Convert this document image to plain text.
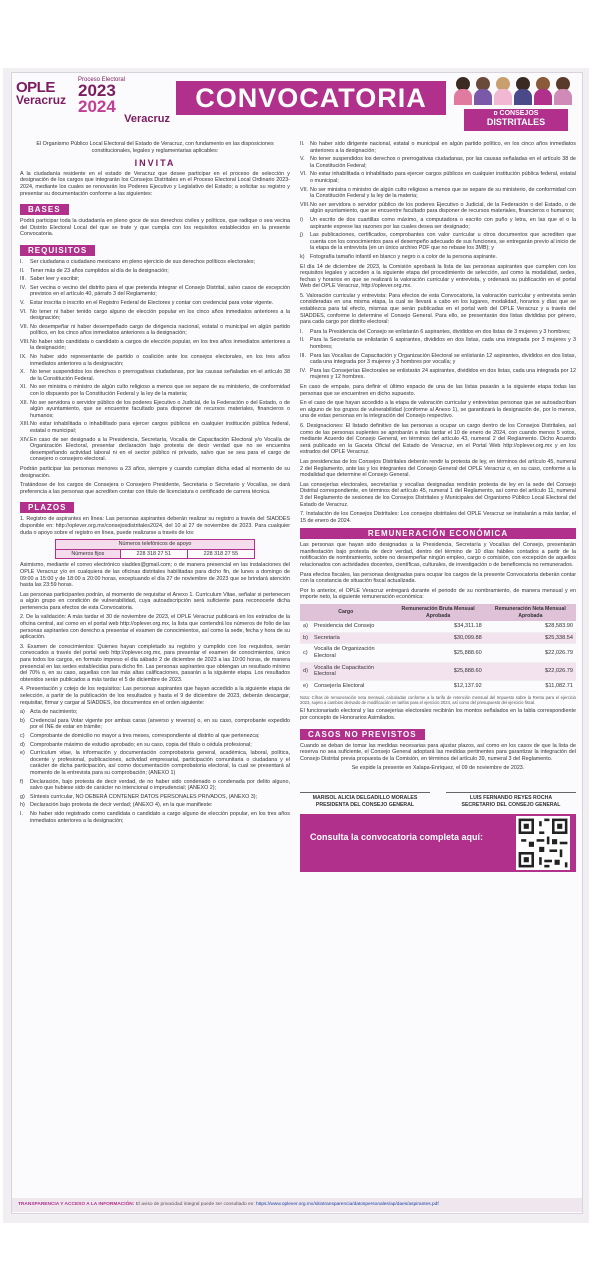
OPLE
Veracruz
Proceso Electoral
2023
2024
Veracruz
CONVOCATORIA
ᴅ CONSEJOS
DISTRITALES

El Organismo Público Local Electoral del Estado de Veracruz, con fundamento en las disposiciones constitucionales, legales y reglamentarias aplicables:

INVITA

A la ciudadanía residente en el estado de Veracruz que desee participar en el proceso de selección y designación de los cargos que integrarán los Consejos Distritales en el Proceso Electoral Local Ordinario 2023-2024, mediante los cuales se renovarán los Poderes Ejecutivo y Legislativo del Estado; a solicitar su registro y presentar su documentación conforme a las siguientes:

BASES

Podrá participar toda la ciudadanía en pleno goce de sus derechos civiles y políticos, que radique o sea vecina del Distrito Electoral Local del que se trate y que cumpla con los requisitos establecidos en la presente Convocatoria.

REQUISITOS
I.	Ser ciudadana o ciudadano mexicano en pleno ejercicio de sus derechos políticos electorales;
II.	Tener más de 23 años cumplidos al día de la designación;
III. Saber leer y escribir;
IV. Ser vecina o vecino del distrito para el que pretenda integrar el Consejo Distrital, salvo casos de excepción previstos en el artículo 40, párrafo 3 del Reglamento;
V. Estar inscrita o inscrito en el Registro Federal de Electores y contar con credencial para votar vigente.
VI. No tener ni haber tenido cargo alguno de elección popular en los cinco años inmediatos anteriores a la designación;
VII. No desempeñar ni haber desempeñado cargo de dirigencia nacional, estatal o municipal en algún partido político, en los cinco años inmediatos anteriores a la designación;
VIII. No haber sido candidata o candidato a cargos de elección popular, en los tres años inmediatos anteriores a la designación;
IX. No haber sido representante de partido o coalición ante los consejos electorales, en los tres años inmediatos anteriores a la designación;
X. No tener suspendidos los derechos o prerrogativas ciudadanas, por las causas señaladas en el artículo 38 de la Constitución Federal.
XI. No ser ministra o ministro de algún culto religioso a menos que se separe de su ministerio, de conformidad con lo dispuesto por la Constitución Federal y la ley de la materia;
XII. No ser servidora o servidor público de los poderes Ejecutivo o Judicial, de la Federación o del Estado, o de algún ayuntamiento, que se encuentre facultado para disponer de recursos materiales, financieros o humanos;
XIII. No estar inhabilitada o inhabilitado para ejercer cargos públicos en cualquier institución pública federal, estatal o municipal;
XIV. En caso de ser designado a la Presidencia, Secretaría, Vocalía de Capacitación Electoral y/o Vocalía de Organización Electoral, presentar declaración bajo protesta de decir verdad que no se encuentra desempeñando actividad laboral ni en el sector público ni privado, salvo que se sea para el cargo de consejero o consejero electoral.

Podrán participar las personas menores a 23 años, siempre y cuando cumplan dicha edad al momento de su designación.

Tratándose de los cargos de Consejera o Consejero Presidente, Secretaria o Secretario y Vocalías, se dará preferencia a las personas que acrediten contar con título de licenciatura o certificado de carrera técnica.

PLAZOS

1. Registro de aspirantes en línea: Las personas aspirantes deberán realizar su registro a través del SIADDES disponible en: http://oplever.org.mx/consejosdistritales2024, del 10 al 27 de noviembre de 2023. Para cualquier duda o apoyo sobre el registro en línea, puede realizarse a través de los:

Números telefónicos de apoyo
Números fijos	228 318 27 51	228 318 27 55

Asimismo, mediante el correo electrónico siaddes@gmail.com; o de manera presencial en las instalaciones del OPLE Veracruz y/o en cualquiera de las oficinas distritales habilitadas para dicho fin, de lunes a domingo de 09:00 a 15:00 y de 18:00 a 20:00 horas, exceptuando el día 27 de noviembre de 2023 que se brindará atención hasta las 23:59 horas.

Las personas participantes podrán, al momento de requisitar el Anexo 1. Curriculum Vitae, señalar si pertenecen a algún grupo en condición de vulnerabilidad, cuya autoadscripción será suficiente para reconocerle dicha pertenencia para efectos de esta Convocatoria.

2. De la validación: A más tardar el 30 de noviembre de 2023, el OPLE Veracruz publicará en los estrados de la oficina central, así como en el portal web http://oplever.org.mx, la lista que contendrá los números de folio de las personas aspirantes con derecho a presentar el examen de conocimientos, así como la sede, fecha y hora de su aplicación.

3. Examen de conocimientos: Quienes hayan completado su registro y cumplido con los requisitos, serán convocados a través del portal web http://oplever.org.mx, para presentar el examen de conocimientos, único para todos los cargos, en formato impreso el día sábado 2 de diciembre de 2023 a las 10:00 horas, de manera presencial en las sedes establecidas para dicho fin. Las personas aspirantes que obtengan un resultado mínimo del 70% o, en su caso, aquellas con las más altas calificaciones, pasarán a la siguiente etapa. Los resultados obtenidos serán publicados a más tardar el 5 de diciembre de 2023.

4. Presentación y cotejo de los requisitos: Las personas aspirantes que hayan accedido a la siguiente etapa de selección, a partir de la publicación de los resultados y hasta el 9 de diciembre de 2023, deberán descargar, requisitar, firmar y cargar al SIADDES, los documentos en el orden siguiente:

a) Acta de nacimiento;
b) Credencial para Votar vigente por ambas caras (anverso y reverso) o, en su caso, comprobante expedido por el INE de estar en trámite;
c)	Comprobante de domicilio no mayor a tres meses, correspondiente al distrito al que pertenezca;
d) Comprobante máximo de estudio aprobado; en su caso, copia del título o cédula profesional;
e) Currículum vitae, la información y documentación comprobatoria general, académica, laboral, política, docente y profesional, publicaciones, actividad empresarial, participación comunitaria o ciudadana y el carácter de dicha participación, así como documentación comprobatoria electoral, la cual se presentará al momento de la entrevista para su comprobación; (ANEXO 1)
f)	Declaración, bajo protesta de decir verdad, de no haber sido condenado o condenada por delito alguno, salvo que hubiese sido de carácter no intencional o imprudencial; (ANEXO 2);
g) Síntesis curricular, NO DEBERÁ CONTENER DATOS PERSONALES PRIVADOS, (ANEXO 3);
h) Declaración bajo protesta de decir verdad; (ANEXO 4), en la que manifieste:
I.	No haber sido registrado como candidata o candidato a cargo alguno de elección popular, en los tres años inmediatos anteriores a la designación;
II.	No haber sido dirigente nacional, estatal o municipal en algún partido político, en los cinco años inmediatos anteriores a la designación;
V. No tener suspendidos los derechos o prerrogativas ciudadanas, por las causas señaladas en el artículo 38 de la Constitución Federal;
VI. No estar inhabilitada o inhabilitado para ejercer cargos públicos en cualquier institución pública federal, estatal o municipal;
VII. No ser ministra o ministro de algún culto religioso a menos que se separe de su ministerio, de conformidad con la Constitución Federal y la ley de la materia;
VIII. No ser servidora o servidor público de los poderes Ejecutivo o Judicial, de la Federación o del Estado, o de algún ayuntamiento, que se encuentre facultado para disponer de recursos materiales, financieros o humanos;
i)	Un escrito de dos cuartillas como máximo, a computadora o escrito con puño y letra, en las que el o la aspirante exprese las razones por las cuales desea ser designado;
j)	Las publicaciones, certificados, comprobantes con valor curricular u otros documentos que acrediten que cuenta con los conocimientos para el desempeño adecuado de sus funciones, se entregarán previo al inicio de la etapa de la entrevista (en un único archivo PDF que no rebase los 3MB); y
k)	Fotografía tamaño infantil en blanco y negro o a color de la persona aspirante.

El día 14 de diciembre de 2023, la Comisión aprobará la lista de las personas aspirantes que cumplen con los requisitos legales y acceden a la siguiente etapa del procedimiento de selección, así como la modalidad, sedes, fechas y horarios en que se realizará la valoración curricular y entrevista, y ordenará su publicación en el portal Web del OPLE Veracruz, http://oplever.org.mx.

5. Valoración curricular y entrevista: Para efectos de esta Convocatoria, la valoración curricular y entrevista serán consideradas en una misma etapa, la cual se llevará a cabo en los lugares, modalidad, horarios y días que se establezca para tal efecto, mismas que serán publicadas en el portal web del OPLE Veracruz y a través del SIADDES, conforme lo determine el Consejo General. Para ello, se presentarán dos listas divididas por género, para cada cargo por distrito electoral:

I.	Para la Presidencia del Consejo se enlistarán 6 aspirantes, divididos en dos listas de 3 mujeres y 3 hombres;
II.	Para la Secretaría se enlistarán 6 aspirantes, divididos en dos listas, cada una integrada por 3 mujeres y 3 hombres;
III. Para las Vocalías de Capacitación y Organización Electoral se enlistarán 12 aspirantes, divididos en dos listas, cada una integrada por 3 mujeres y 3 hombres por vocalía; y
IV. Para las Consejerías Electorales se enlistarán 24 aspirantes, divididos en dos listas, cada una integrada por 12 mujeres y 12 hombres.

En caso de empate, para definir el último espacio de una de las listas pasarán a la siguiente etapa todas las personas que se encuentren en dicho supuesto.

En el caso de que hayan accedido a la etapa de valoración curricular y entrevistas personas que se autoadscriban en alguno de los grupos de vulnerabilidad (conforme al Anexo 1), se garantizará la designación de, por lo menos, una de estas personas en la integración del Consejo respectivo.

6. Designaciones: El listado definitivo de las personas a ocupar un cargo dentro de los Consejos Distritales, así como de las personas suplentes se aprobarán a más tardar el 10 de enero de 2024, con cuando menos 5 votos, mediante Acuerdo del Consejo General, en términos del artículo 43, numeral 2 del Reglamento. Dicho Acuerdo será publicado en la Gaceta Oficial del Estado de Veracruz, en el Portal Web http://oplever.org.mx y en los estrados del OPLE Veracruz.

Las presidencias de los Consejos Distritales deberán rendir la protesta de ley, en términos del artículo 45, numeral 2 del Reglamento, ante las y los integrantes del Consejo General del OPLE Veracruz o, en su caso, conforme a la modalidad que determine el Consejo General.

Las consejerías electorales, secretarías y vocalías designadas rendirán protesta de ley en la sede del Consejo Distrital correspondiente, en términos del artículo 45, numeral 1 del Reglamento, así como del artículo 11, numeral 3 del Reglamento de sesiones de los Consejos Distritales y Municipales del Organismo Público Local Electoral del Estado de Veracruz.

7. Instalación de los Consejos Distritales: Los consejos distritales del OPLE Veracruz se instalarán a más tardar, el 15 de enero de 2024.

REMUNERACIÓN ECONÓMICA

Las personas que hayan sido designadas a la Presidencia, Secretaría y Vocalías del Consejo, presentarán manifestación bajo protesta de decir verdad, dentro del término de 10 días hábiles contados a partir de la notificación de nombramiento, sobre no desempeñar ningún empleo, cargo o comisión, con excepción de aquellos relacionados con actividades docentes, científicas, culturales, de investigación o de beneficencia no remunerados.

Para efectos fiscales, las personas designadas para ocupar los cargos de la presente Convocatoria deberán contar con la constancia de situación fiscal actualizada.

Por lo anterior, el OPLE Veracruz entregará durante el periodo de su nombramiento, de manera mensual y en importe neto, la siguiente remuneración económica:

Cargo		Remuneración Bruta Mensual Aprobada	Remuneración Neta Mensual Aprobada
a)	Presidencia del Consejo	$34,311.18	$28,583.90
b)	Secretaría	$30,099.88	$25,338.54
c)	Vocalía de Organización Electoral	$25,888.60	$22,026.79
d)	Vocalía de Capacitación Electoral	$25,888.60	$22,026.79
e)	Consejería Electoral	$12,137.92	$11,082.71

Nota: Cifras de remuneración neta mensual, calculadas conforme a la tarifa de retención mensual del Impuesto sobre la Renta para el ejercicio 2023, sujeto a cambios derivado de modificación en tarifas para el ejercicio 2024, así como del presupuesto del ejercicio fiscal.

El funcionariado electoral y las consejerías electorales recibirán los montos señalados en la tabla correspondiente por concepto de Honorarios Asimilados.

CASOS NO PREVISTOS

Cuando se deban de tomar las medidas necesarias para ajustar plazos, así como en los casos de que la lista de reserva no sea suficiente, el Consejo General adoptará las medidas pertinentes para garantizar la integración del Consejo Distrital previa propuesta de la Comisión, en términos del artículo 39, numeral 3 del Reglamento.

Se expide la presente en Xalapa-Enríquez, el 09 de noviembre de 2023.

MARISOL ALICIA DELGADILLO MORALES
PRESIDENTA DEL CONSEJO GENERAL
LUIS FERNANDO REYES ROCHA
SECRETARIO DEL CONSEJO GENERAL
Consulta la convocatoria completa aquí:
TRANSPARENCIA Y ACCESO A LA INFORMACIÓN: El aviso de privacidad integral puede ser consultado en: https://www.oplever.org.mx/sitiotransparencia/datospersonales/ap/daes/aspirantes.pdf
